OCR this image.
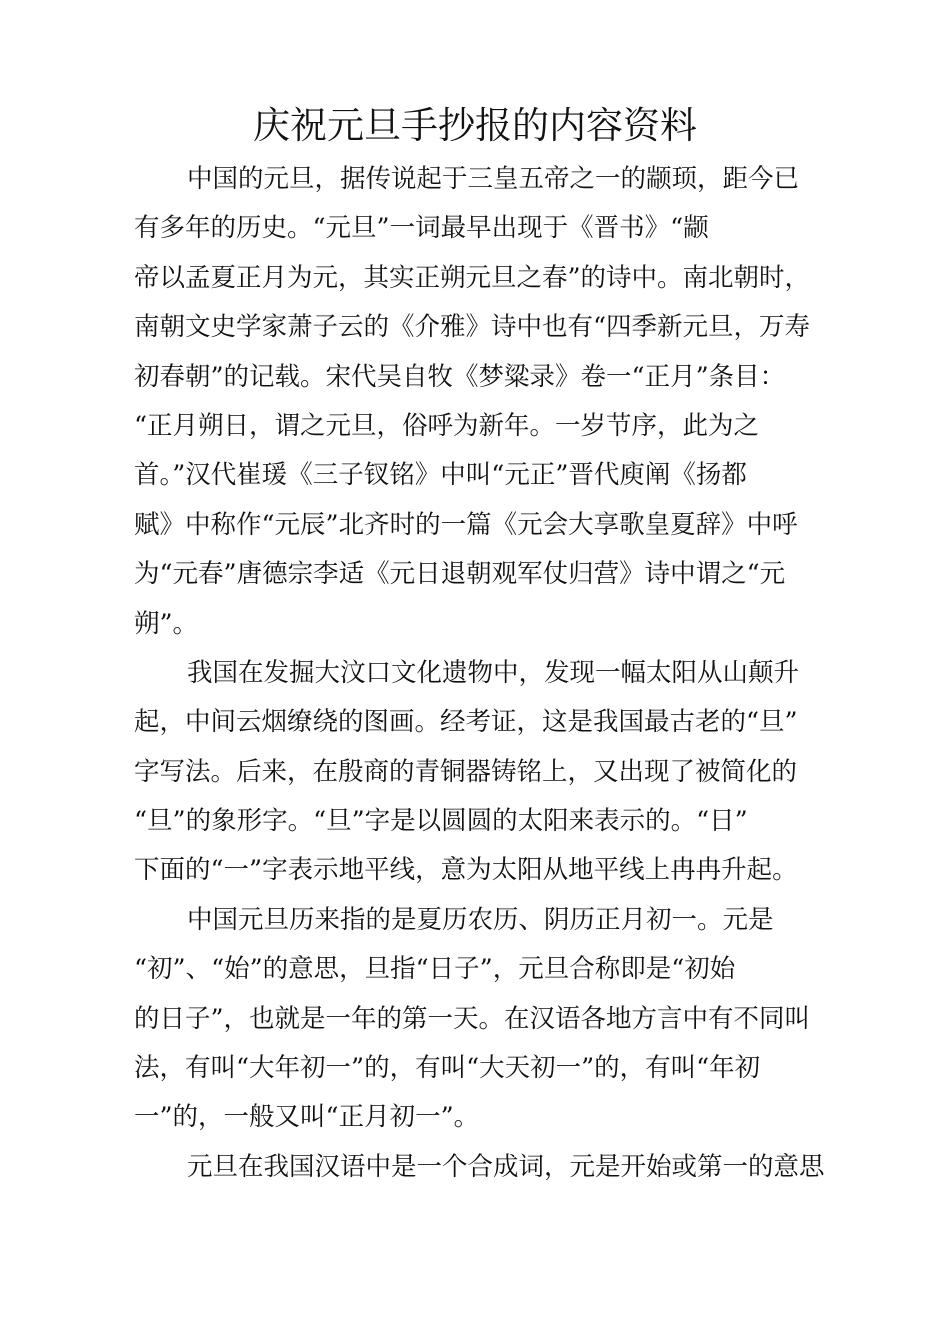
庆祝元旦手抄报的内容资料

中国的元旦，据传说起于三皇五帝之一的颛顼，距今已
有多年的历史。“元旦”一词最早出现于《晋书》“颛
帝以孟夏正月为元，其实正朔元旦之春”的诗中。南北朝时，
南朝文史学家萧子云的《介雅》诗中也有“四季新元旦，万寿
初春朝”的记载。宋代吴自牧《梦粱录》卷一“正月”条目：
“正月朔日，谓之元旦，俗呼为新年。一岁节序，此为之
首。”汉代崔瑗《三子钗铭》中叫“元正”晋代庾阐《扬都
赋》中称作“元辰”北齐时的一篇《元会大享歌皇夏辞》中呼
为“元春”唐德宗李适《元日退朝观军仗归营》诗中谓之“元
朔”。

我国在发掘大汶口文化遗物中，发现一幅太阳从山颠升
起，中间云烟缭绕的图画。经考证，这是我国最古老的“旦”
字写法。后来，在殷商的青铜器铸铭上，又出现了被简化的
“旦”的象形字。“旦”字是以圆圆的太阳来表示的。“日”
下面的“一”字表示地平线，意为太阳从地平线上冉冉升起。

中国元旦历来指的是夏历农历、阴历正月初一。元是
“初”、“始”的意思，旦指“日子”，元旦合称即是“初始
的日子”，也就是一年的第一天。在汉语各地方言中有不同叫
法，有叫“大年初一”的，有叫“大天初一”的，有叫“年初
一”的，一般又叫“正月初一”。

元旦在我国汉语中是一个合成词，元是开始或第一的意思
